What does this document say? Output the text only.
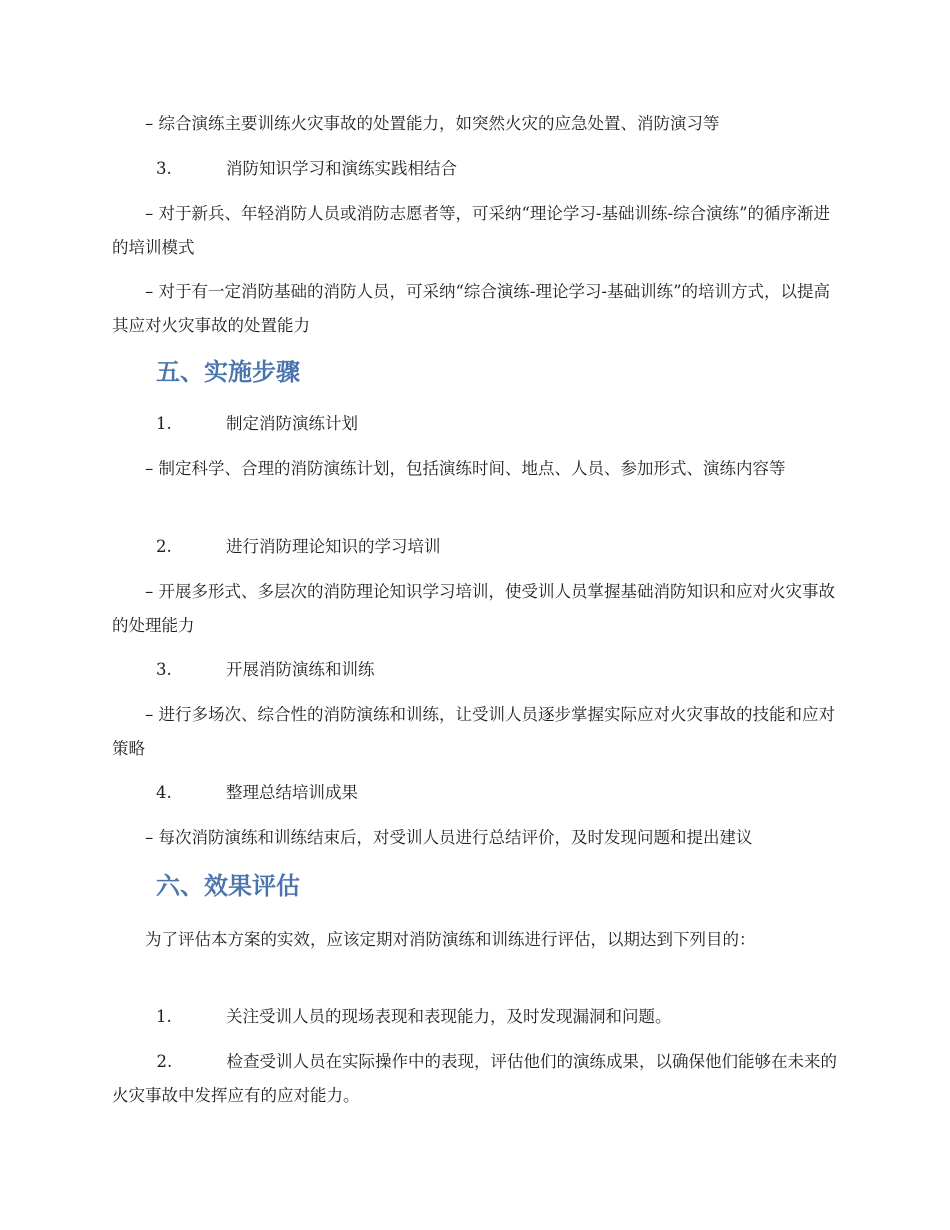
– 综合演练主要训练火灾事故的处置能力，如突然火灾的应急处置、消防演习等

3.	消防知识学习和演练实践相结合

– 对于新兵、年轻消防人员或消防志愿者等，可采纳“理论学习-基础训练-综合演练”的循序渐进的培训模式

– 对于有一定消防基础的消防人员，可采纳“综合演练-理论学习-基础训练”的培训方式，以提高其应对火灾事故的处置能力

五、实施步骤

1.	制定消防演练计划

– 制定科学、合理的消防演练计划，包括演练时间、地点、人员、参加形式、演练内容等

2.	进行消防理论知识的学习培训

– 开展多形式、多层次的消防理论知识学习培训，使受训人员掌握基础消防知识和应对火灾事故的处理能力

3.	开展消防演练和训练

– 进行多场次、综合性的消防演练和训练，让受训人员逐步掌握实际应对火灾事故的技能和应对策略

4.	整理总结培训成果

– 每次消防演练和训练结束后，对受训人员进行总结评价，及时发现问题和提出建议

六、效果评估

为了评估本方案的实效，应该定期对消防演练和训练进行评估，以期达到下列目的：

1.	关注受训人员的现场表现和表现能力，及时发现漏洞和问题。

2.	检查受训人员在实际操作中的表现，评估他们的演练成果，以确保他们能够在未来的火灾事故中发挥应有的应对能力。
